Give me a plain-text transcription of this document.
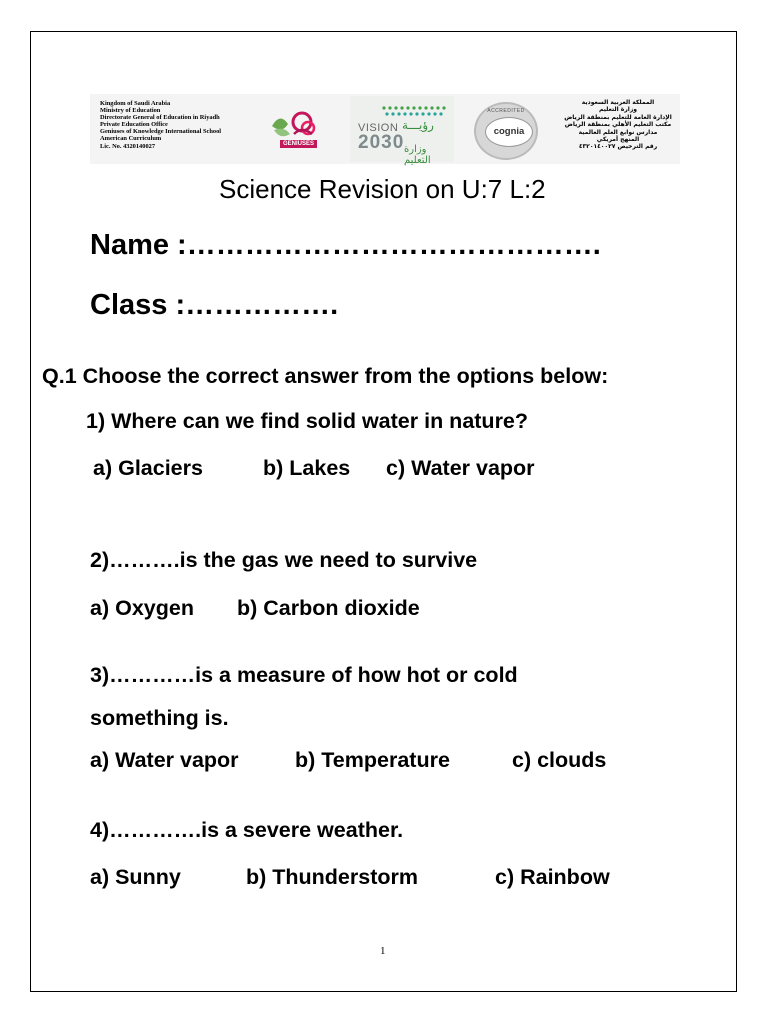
Kingdom of Saudi Arabia
Ministry of Education
Directorate General of Education in Riyadh
Private Education Office
Geniuses of Knowledge International School
American Curriculum
Lic. No. 4320140027	GENIUSES
VISION رؤيـــة
2030 وزارة التعليم
ACCREDITED
cognia
المملكة العربية السعودية
وزارة التعليم
الإدارة العامة للتعليم بمنطقة الرياض
مكتب التعليم الأهلي بمنطقة الرياض
مدارس نوابغ العلم العالمية
المنهج أمريكي
رقم الترخيص ٤٣٢٠١٤٠٠٢٧
Science Revision on U:7 L:2
Name :…………………………………….
Class :…………….
Q.1 Choose the correct answer from the options below:
1) Where can we find solid water in nature?
a) Glaciers	b) Lakes c) Water vapor
2)……….is the gas we need to survive
a) Oxygen b) Carbon dioxide
3)…………is a measure of how hot or cold
something is.
a) Water vapor	b) Temperature	c) clouds
4)………….is a severe weather.
a) Sunny	b) Thunderstorm	c) Rainbow
1
